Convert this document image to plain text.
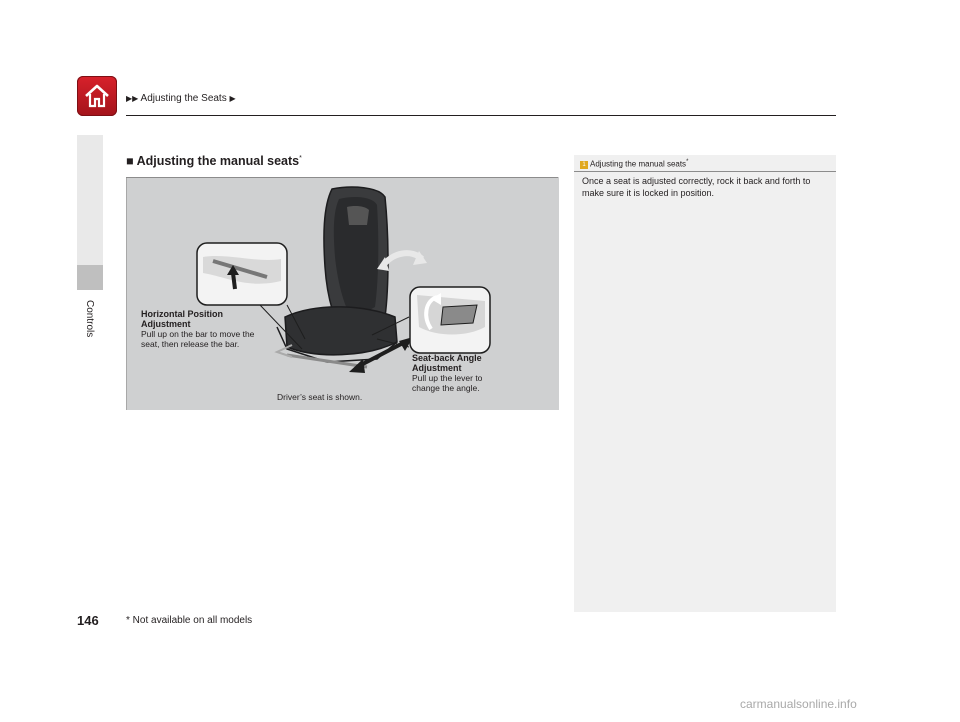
▶▶ Adjusting the Seats ▶
Controls
■ Adjusting the manual seats*
Horizontal Position
Adjustment
Pull up on the bar to move the
seat, then release the bar.
Seat-back Angle
Adjustment
Pull up the lever to
change the angle.
Driver’s seat is shown.
1 Adjusting the manual seats*
Once a seat is adjusted correctly, rock it back and forth to make sure it is locked in position.
146	* Not available on all models
carmanualsonline.info
